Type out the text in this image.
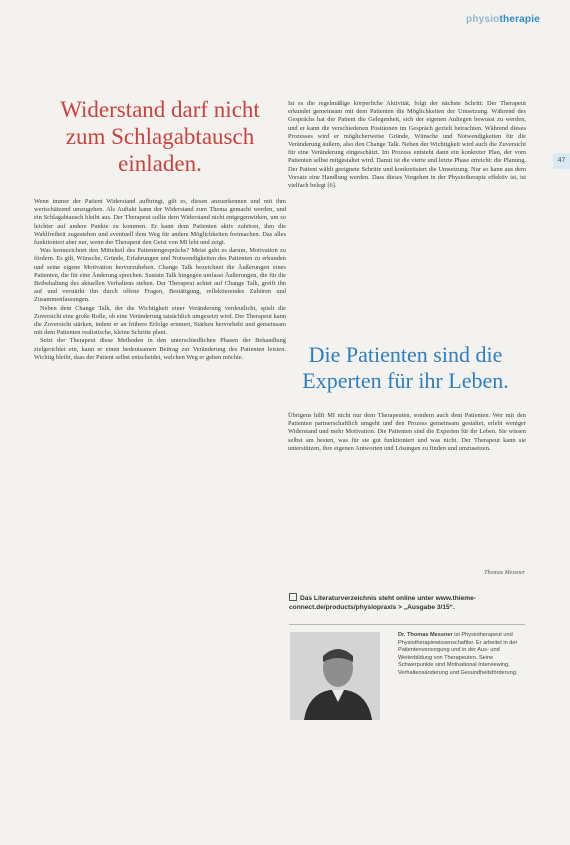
physiotherapie
47
Widerstand darf nicht zum Schlagabtausch einladen.

Wenn immer der Patient Widerstand aufbringt, gilt es, diesen anzuerkennen und mit ihm wertschätzend umzugehen. Als Auftakt kann der Widerstand zum Thema gemacht werden, und ein Schlagabtausch bleibt aus. Der Therapeut sollte dem Widerstand nicht entgegenwirken, um so leichter auf andere Punkte zu kommen. Er kann dem Patienten aktiv zuhören, ihm die Wahlfreiheit zugestehen und eventuell dem Weg für andere Möglichkeiten freimachen. Das alles funktioniert aber nur, wenn der Therapeut den Geist von MI lebt und zeigt.

Was kennzeichnet den Mittelteil des Patientengesprächs? Meist geht es darum, Motivation zu fördern. Es gilt, Wünsche, Gründe, Erfahrungen und Notwendigkeiten des Patienten zu erkunden und seine eigene Motivation hervorzuheben. Change Talk bezeichnet die Äußerungen eines Patienten, die für eine Änderung sprechen. Sustain Talk hingegen umfasst Äußerungen, die für die Beibehaltung des aktuellen Verhaltens stehen. Der Therapeut achtet auf Change Talk, greift ihn auf und verstärkt ihn durch offene Fragen, Bestätigung, reflektierendes Zuhören und Zusammenfassungen.

Neben dem Change Talk, der die Wichtigkeit einer Veränderung verdeutlicht, spielt die Zuversicht eine große Rolle, ob eine Veränderung tatsächlich umgesetzt wird. Der Therapeut kann die Zuversicht stärken, indem er an frühere Erfolge erinnert, Stärken hervorhebt und gemeinsam mit dem Patienten realistische, kleine Schritte plant.

Setzt der Therapeut diese Methoden in den unterschiedlichen Phasen der Behandlung zielgerichtet ein, kann er einen bedeutsamen Beitrag zur Veränderung des Patienten leisten. Wichtig bleibt, dass der Patient selbst entscheidet, welchen Weg er gehen möchte.

Ist es die regelmäßige körperliche Aktivität, folgt der nächste Schritt: Der Therapeut erkundet gemeinsam mit dem Patienten die Möglichkeiten der Umsetzung. Während des Gesprächs hat der Patient die Gelegenheit, sich der eigenen Anliegen bewusst zu werden, und er kann die verschiedenen Positionen im Gespräch gezielt betrachten. Während dieses Prozesses wird er möglicherweise Gründe, Wünsche und Notwendigkeiten für die Veränderung äußern, also den Change Talk. Neben der Wichtigkeit wird auch die Zuversicht für eine Veränderung eingeschätzt. Im Prozess entsteht dann ein konkreter Plan, der vom Patienten selbst mitgestaltet wird. Damit ist die vierte und letzte Phase erreicht: die Planung. Der Patient wählt geeignete Schritte und konkretisiert die Umsetzung. Nur so kann aus dem Vorsatz eine Handlung werden. Dass dieses Vorgehen in der Physiotherapie effektiv ist, ist vielfach belegt [6].

Die Patienten sind die Experten für ihr Leben.

Übrigens hilft MI nicht nur dem Therapeuten, sondern auch dem Patienten. Wer mit den Patienten partnerschaftlich umgeht und den Prozess gemeinsam gestaltet, erlebt weniger Widerstand und mehr Motivation. Die Patienten sind die Experten für ihr Leben. Sie wissen selbst am besten, was für sie gut funktioniert und was nicht. Der Therapeut kann sie unterstützen, ihre eigenen Antworten und Lösungen zu finden und umzusetzen.

Thomas Messner
Das Literaturverzeichnis steht online unter www.thieme-connect.de/products/physiopraxis > „Ausgabe 3/15“.
Dr. Thomas Messner ist Physiotherapeut und Physiotherapiewissenschaftler. Er arbeitet in der Patientenversorgung und in der Aus- und Weiterbildung von Therapeuten. Seine Schwerpunkte sind Motivational Interviewing, Verhaltensänderung und Gesundheitsförderung.
